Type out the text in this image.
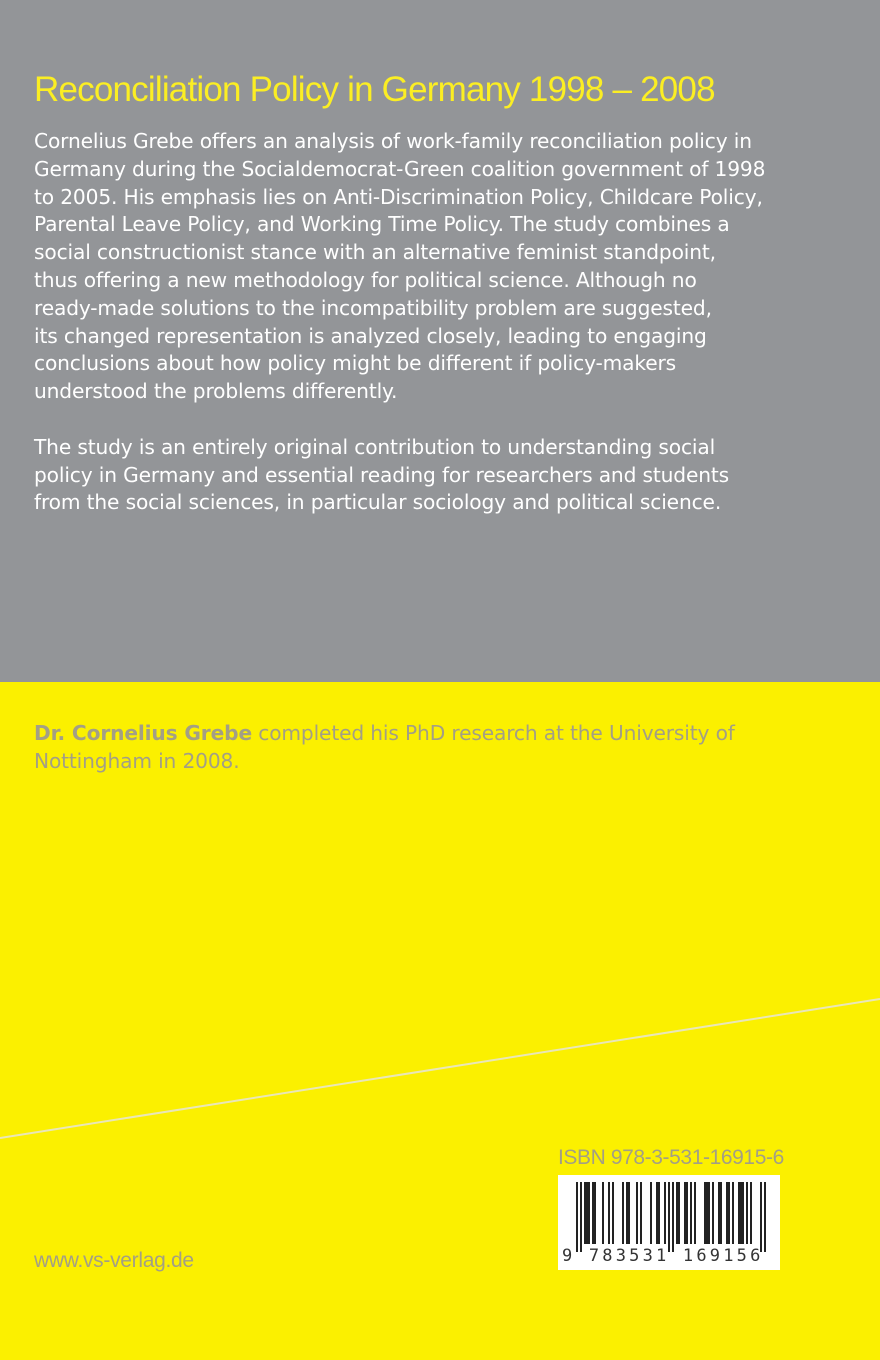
Reconciliation Policy in Germany 1998 – 2008

Cornelius Grebe offers an analysis of work-family reconciliation policy in
Germany during the Socialdemocrat-Green coalition government of 1998
to 2005. His emphasis lies on Anti-Discrimination Policy, Childcare Policy,
Parental Leave Policy, and Working Time Policy. The study combines a
social constructionist stance with an alternative feminist standpoint,
thus offering a new methodology for political science. Although no
ready-made solutions to the incompatibility problem are suggested,
its changed representation is analyzed closely, leading to engaging
conclusions about how policy might be different if policy-makers
understood the problems differently.

The study is an entirely original contribution to understanding social
policy in Germany and essential reading for researchers and students
from the social sciences, in particular sociology and political science.

Dr. Cornelius Grebe completed his PhD research at the University of
Nottingham in 2008.
ISBN 978-3-531-16915-6
9 783531 169156
www.vs-verlag.de
